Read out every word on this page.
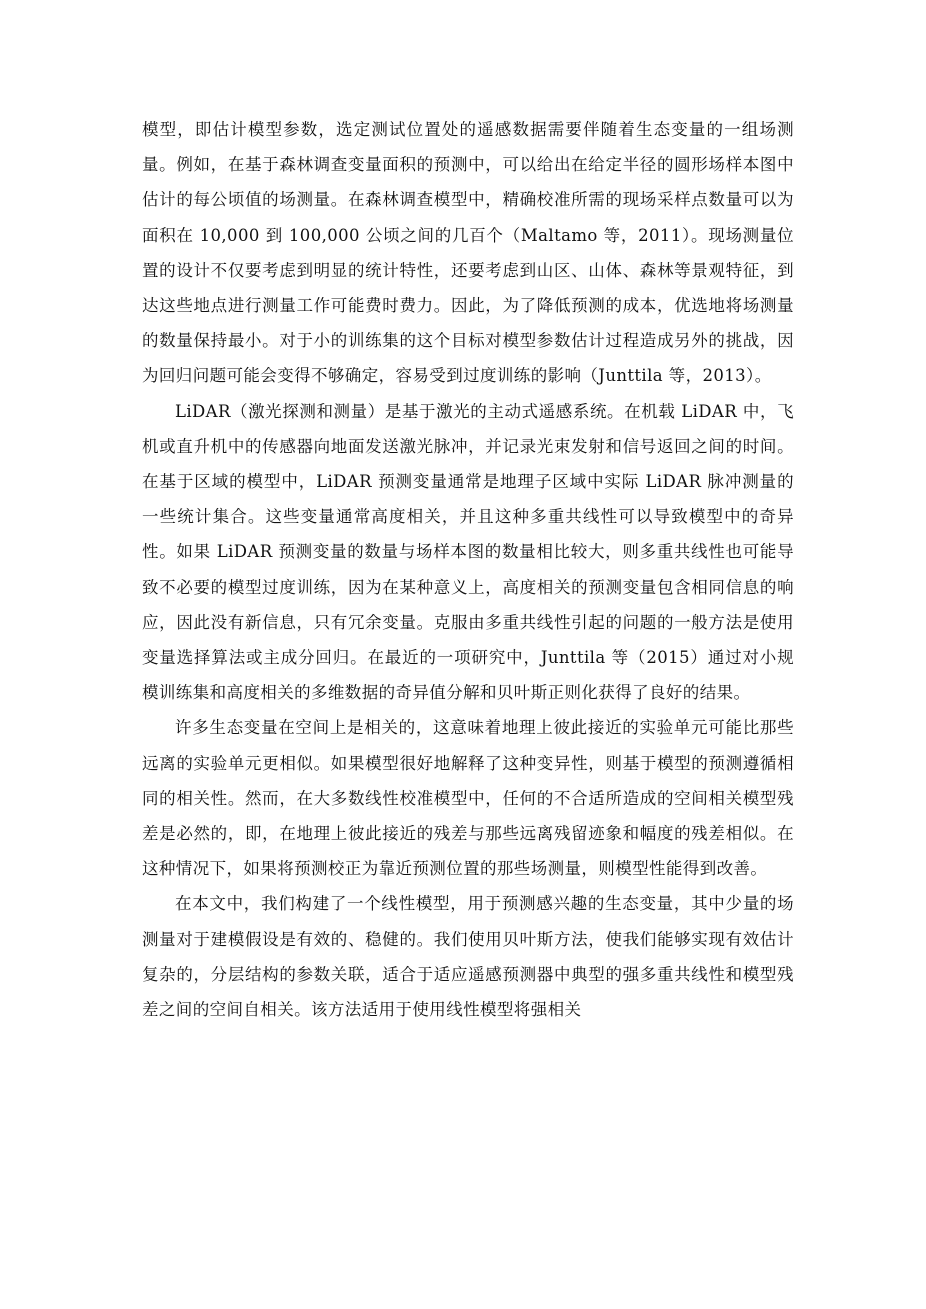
模型，即估计模型参数，选定测试位置处的遥感数据需要伴随着生态变量的一组场测量。例如，在基于森林调查变量面积的预测中，可以给出在给定半径的圆形场样本图中估计的每公顷值的场测量。在森林调查模型中，精确校准所需的现场采样点数量可以为面积在 10,000 到 100,000 公顷之间的几百个（Maltamo 等，2011）。现场测量位置的设计不仅要考虑到明显的统计特性，还要考虑到山区、山体、森林等景观特征，到达这些地点进行测量工作可能费时费力。因此，为了降低预测的成本，优选地将场测量的数量保持最小。对于小的训练集的这个目标对模型参数估计过程造成另外的挑战，因为回归问题可能会变得不够确定，容易受到过度训练的影响（Junttila 等，2013）。

LiDAR（激光探测和测量）是基于激光的主动式遥感系统。在机载 LiDAR 中，飞机或直升机中的传感器向地面发送激光脉冲，并记录光束发射和信号返回之间的时间。在基于区域的模型中，LiDAR 预测变量通常是地理子区域中实际 LiDAR 脉冲测量的一些统计集合。这些变量通常高度相关，并且这种多重共线性可以导致模型中的奇异性。如果 LiDAR 预测变量的数量与场样本图的数量相比较大，则多重共线性也可能导致不必要的模型过度训练，因为在某种意义上，高度相关的预测变量包含相同信息的响应，因此没有新信息，只有冗余变量。克服由多重共线性引起的问题的一般方法是使用变量选择算法或主成分回归。在最近的一项研究中，Junttila 等（2015）通过对小规模训练集和高度相关的多维数据的奇异值分解和贝叶斯正则化获得了良好的结果。

许多生态变量在空间上是相关的，这意味着地理上彼此接近的实验单元可能比那些远离的实验单元更相似。如果模型很好地解释了这种变异性，则基于模型的预测遵循相同的相关性。然而，在大多数线性校准模型中，任何的不合适所造成的空间相关模型残差是必然的，即，在地理上彼此接近的残差与那些远离残留迹象和幅度的残差相似。在这种情况下，如果将预测校正为靠近预测位置的那些场测量，则模型性能得到改善。

在本文中，我们构建了一个线性模型，用于预测感兴趣的生态变量，其中少量的场测量对于建模假设是有效的、稳健的。我们使用贝叶斯方法，使我们能够实现有效估计复杂的，分层结构的参数关联，适合于适应遥感预测器中典型的强多重共线性和模型残差之间的空间自相关。该方法适用于使用线性模型将强相关
